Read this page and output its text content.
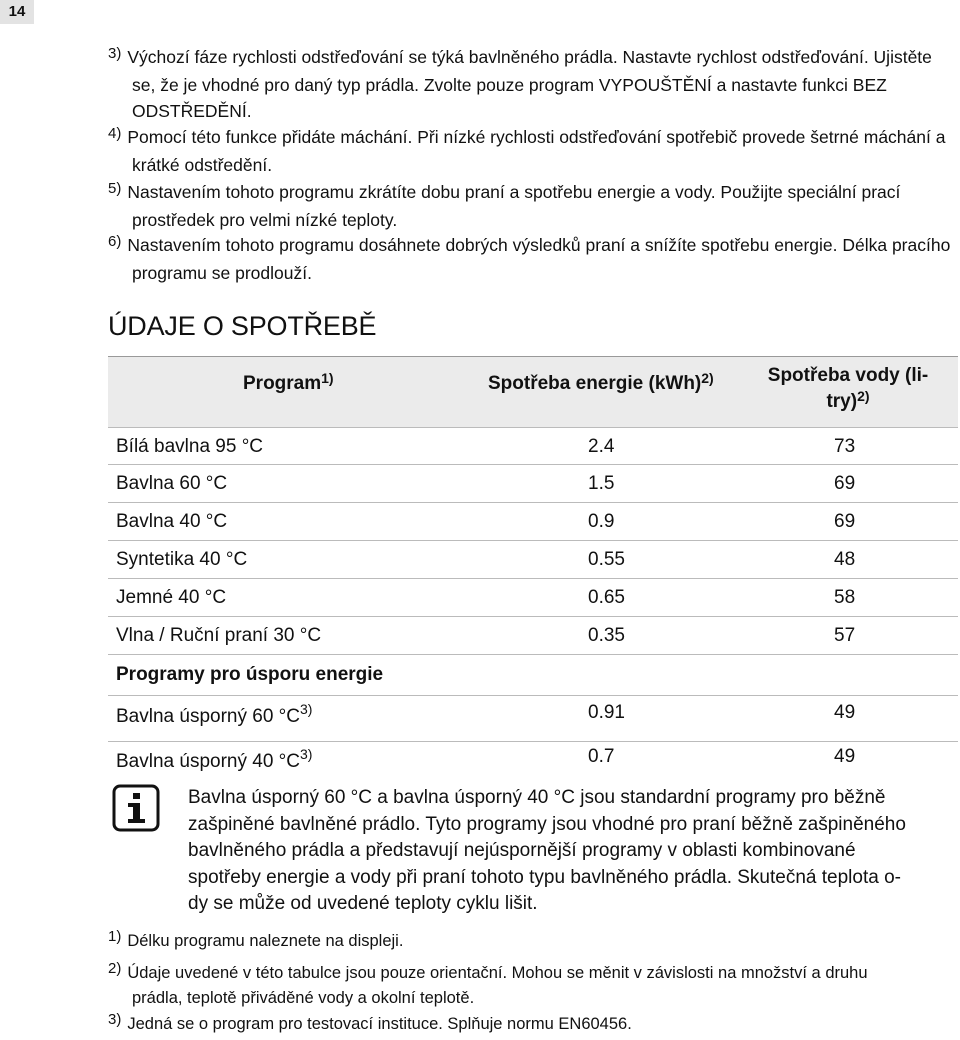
14
$^{3)}$ Výchozí fáze rychlosti odstřeďování se týká bavlněného prádla. Nastavte rychlost odstřeďování. Ujistěte
se, že je vhodné pro daný typ prádla. Zvolte pouze program VYPOUŠTĚNÍ a nastavte funkci BEZ
ODSTŘEDĚNÍ.
$^{4)}$ Pomocí této funkce přidáte máchání. Při nízké rychlosti odstřeďování spotřebič provede šetrné máchání a
krátké odstředění.
$^{5)}$ Nastavením tohoto programu zkrátíte dobu praní a spotřebu energie a vody. Použijte speciální prací
prostředek pro velmi nízké teploty.
$^{6)}$ Nastavením tohoto programu dosáhnete dobrých výsledků praní a snížíte spotřebu energie. Délka pracího
programu se prodlouží.
ÚDAJE O SPOTŘEBĚ
Program$^{1)}$	Spotřeba energie (kWh)$^{2)}$	Spotřeba vody (li-
try)$^{2)}$
Bílá bavlna 95 °C	2.4	73
Bavlna 60 °C	1.5	69
Bavlna 40 °C	0.9	69
Syntetika 40 °C	0.55	48
Jemné 40 °C	0.65	58
Vlna / Ruční praní 30 °C	0.35	57
Programy pro úsporu energie
Bavlna úsporný 60 $^\circ C^{3)}$	0.91	49
Bavlna úsporný 40 $^\circ C^{3)}$	0.7	49
Bavlna úsporný 60 °C a bavlna úsporný 40 °C jsou standardní programy pro běžně
zašpiněné bavlněné prádlo. Tyto programy jsou vhodné pro praní běžně zašpiněného
bavlněného prádla a představují nejúspornější programy v oblasti kombinované
spotřeby energie a vody při praní tohoto typu bavlněného prádla. Skutečná teplota o-
dy se může od uvedené teploty cyklu lišit.
$^{1)}$ Délku programu naleznete na displeji.
$^{2)}$ Údaje uvedené v této tabulce jsou pouze orientační. Mohou se měnit v závislosti na množství a druhu
prádla, teplotě přiváděné vody a okolní teplotě.
$^{3)}$ Jedná se o program pro testovací instituce. Splňuje normu EN60456.
